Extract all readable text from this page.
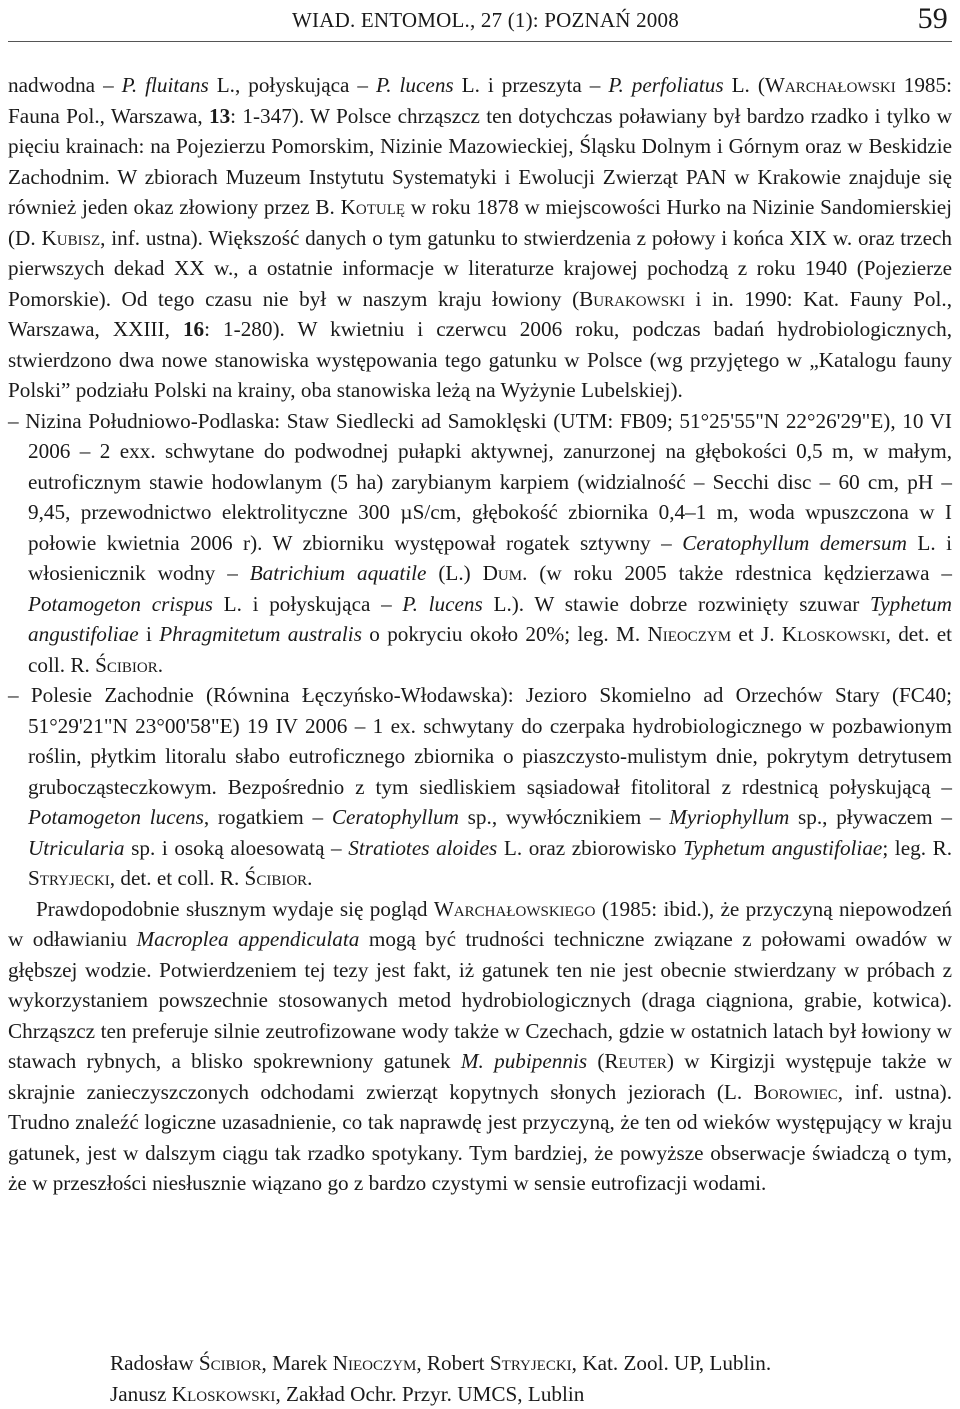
WIAD. ENTOMOL., 27 (1): POZNAŃ 2008	59

nadwodna – P. fluitans L., połyskująca – P. lucens L. i przeszyta – P. perfoliatus L. (Warchałowski 1985: Fauna Pol., Warszawa, 13: 1-347). W Polsce chrząszcz ten dotychczas poławiany był bardzo rzadko i tylko w pięciu krainach: na Pojezierzu Pomorskim, Nizinie Mazowieckiej, Śląsku Dolnym i Górnym oraz w Beskidzie Zachodnim. W zbiorach Muzeum Instytutu Systematyki i Ewolucji Zwierząt PAN w Krakowie znajduje się również jeden okaz złowiony przez B. Kotulę w roku 1878 w miejscowości Hurko na Nizinie Sandomierskiej (D. Kubisz, inf. ustna). Większość danych o tym gatunku to stwierdzenia z połowy i końca XIX w. oraz trzech pierwszych dekad XX w., a ostatnie informacje w literaturze krajowej pochodzą z roku 1940 (Pojezierze Pomorskie). Od tego czasu nie był w naszym kraju łowiony (Burakowski i in. 1990: Kat. Fauny Pol., Warszawa, XXIII, 16: 1-280). W kwietniu i czerwcu 2006 roku, podczas badań hydrobiologicznych, stwierdzono dwa nowe stanowiska występowania tego gatunku w Polsce (wg przyjętego w „Katalogu fauny Polski” podziału Polski na krainy, oba stanowiska leżą na Wyżynie Lubelskiej).

– Nizina Południowo-Podlaska: Staw Siedlecki ad Samoklęski (UTM: FB09; 51°25'55"N 22°26'29"E), 10 VI 2006 – 2 exx. schwytane do podwodnej pułapki aktywnej, zanurzonej na głębokości 0,5 m, w małym, eutroficznym stawie hodowlanym (5 ha) zarybianym karpiem (widzialność – Secchi disc – 60 cm, pH – 9,45, przewodnictwo elektrolityczne 300 µS/cm, głębokość zbiornika 0,4–1 m, woda wpuszczona w I połowie kwietnia 2006 r). W zbiorniku występował rogatek sztywny – Ceratophyllum demersum L. i włosienicznik wodny – Batrichium aquatile (L.) Dum. (w roku 2005 także rdestnica kędzierzawa – Potamogeton crispus L. i połyskująca – P. lucens L.). W stawie dobrze rozwinięty szuwar Typhetum angustifoliae i Phragmitetum australis o pokryciu około 20%; leg. M. Nieoczym et J. Kloskowski, det. et coll. R. Ścibior.

– Polesie Zachodnie (Równina Łęczyńsko-Włodawska): Jezioro Skomielno ad Orzechów Stary (FC40; 51°29'21"N 23°00'58"E) 19 IV 2006 – 1 ex. schwytany do czerpaka hydrobiologicznego w pozbawionym roślin, płytkim litoralu słabo eutroficznego zbiornika o piaszczysto-mulistym dnie, pokrytym detrytusem grubocząsteczkowym. Bezpośrednio z tym siedliskiem sąsiadował fitolitoral z rdestnicą połyskującą – Potamogeton lucens, rogatkiem – Ceratophyllum sp., wywłócznikiem – Myriophyllum sp., pływaczem – Utricularia sp. i osoką aloesowatą – Stratiotes aloides L. oraz zbiorowisko Typhetum angustifoliae; leg. R. Stryjecki, det. et coll. R. Ścibior.

Prawdopodobnie słusznym wydaje się pogląd Warchałowskiego (1985: ibid.), że przyczyną niepowodzeń w odławianiu Macroplea appendiculata mogą być trudności techniczne związane z połowami owadów w głębszej wodzie. Potwierdzeniem tej tezy jest fakt, iż gatunek ten nie jest obecnie stwierdzany w próbach z wykorzystaniem powszechnie stosowanych metod hydrobiologicznych (draga ciągniona, grabie, kotwica). Chrząszcz ten preferuje silnie zeutrofizowane wody także w Czechach, gdzie w ostatnich latach był łowiony w stawach rybnych, a blisko spokrewniony gatunek M. pubipennis (Reuter) w Kirgizji występuje także w skrajnie zanieczyszczonych odchodami zwierząt kopytnych słonych jeziorach (L. Borowiec, inf. ustna). Trudno znaleźć logiczne uzasadnienie, co tak naprawdę jest przyczyną, że ten od wieków występujący w kraju gatunek, jest w dalszym ciągu tak rzadko spotykany. Tym bardziej, że powyższe obserwacje świadczą o tym, że w przeszłości niesłusznie wiązano go z bardzo czystymi w sensie eutrofizacji wodami.

Radosław Ścibior, Marek Nieoczym, Robert Stryjecki, Kat. Zool. UP, Lublin.

Janusz Kloskowski, Zakład Ochr. Przyr. UMCS, Lublin
